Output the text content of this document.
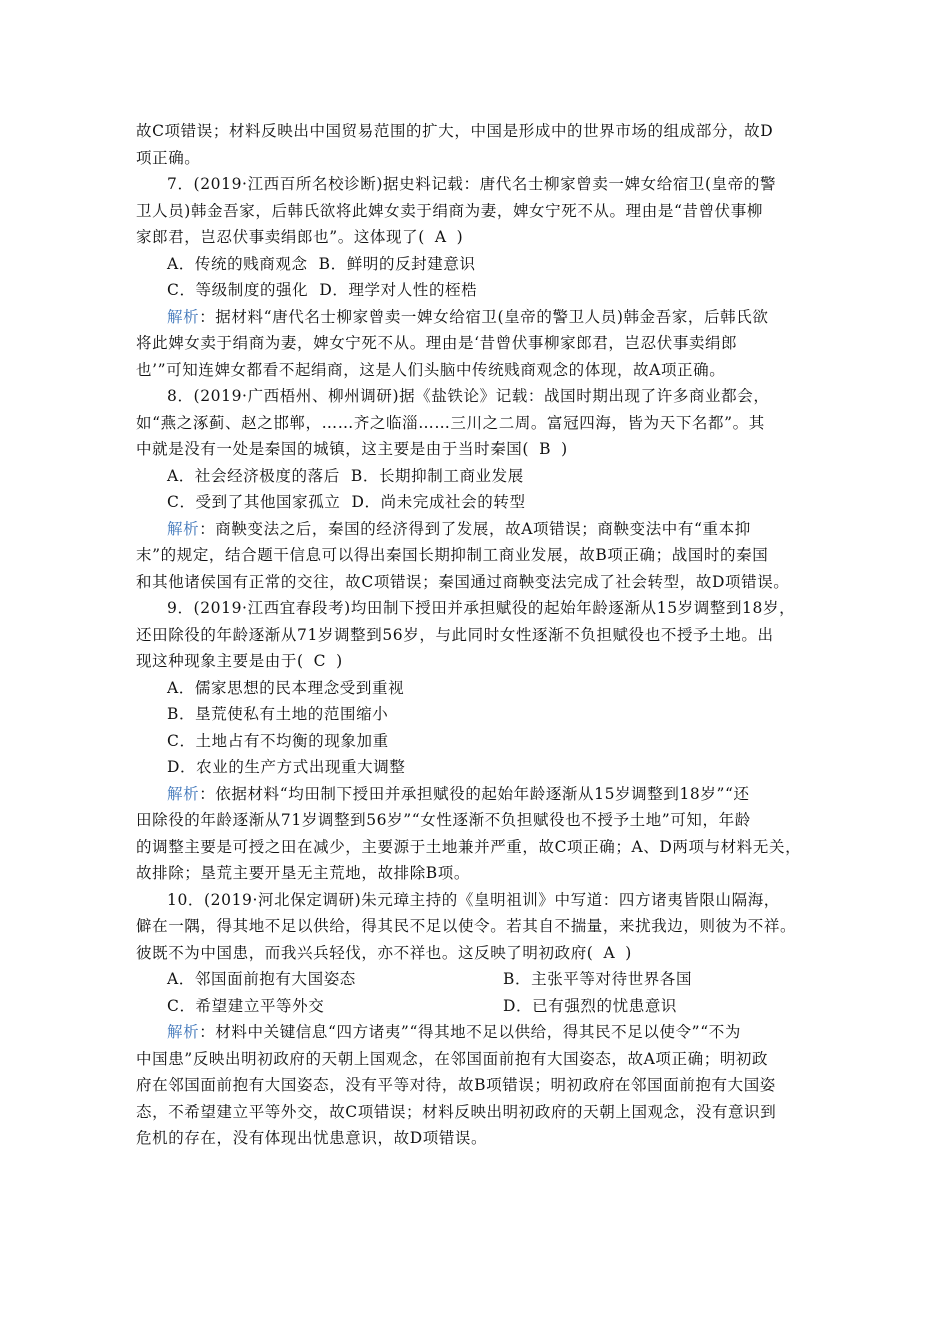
故C项错误；材料反映出中国贸易范围的扩大，中国是形成中的世界市场的组成部分，故D
项正确。
7．(2019·江西百所名校诊断)据史料记载：唐代名士柳家曾卖一婢女给宿卫(皇帝的警
卫人员)韩金吾家，后韩氏欲将此婢女卖于绢商为妻，婢女宁死不从。理由是“昔曾伏事柳
家郎君，岂忍伏事卖绢郎也”。这体现了( A )
A．传统的贱商观念 B．鲜明的反封建意识
C．等级制度的强化 D．理学对人性的桎梏
解析：据材料“唐代名士柳家曾卖一婢女给宿卫(皇帝的警卫人员)韩金吾家，后韩氏欲
将此婢女卖于绢商为妻，婢女宁死不从。理由是‘昔曾伏事柳家郎君，岂忍伏事卖绢郎
也’”可知连婢女都看不起绢商，这是人们头脑中传统贱商观念的体现，故A项正确。
8．(2019·广西梧州、柳州调研)据《盐铁论》记载：战国时期出现了许多商业都会，
如“燕之涿蓟、赵之邯郸，……齐之临淄……三川之二周。富冠四海，皆为天下名都”。其
中就是没有一处是秦国的城镇，这主要是由于当时秦国( B )
A．社会经济极度的落后 B．长期抑制工商业发展
C．受到了其他国家孤立 D．尚未完成社会的转型
解析：商鞅变法之后，秦国的经济得到了发展，故A项错误；商鞅变法中有“重本抑
末”的规定，结合题干信息可以得出秦国长期抑制工商业发展，故B项正确；战国时的秦国
和其他诸侯国有正常的交往，故C项错误；秦国通过商鞅变法完成了社会转型，故D项错误。
9．(2019·江西宜春段考)均田制下授田并承担赋役的起始年龄逐渐从15岁调整到18岁，
还田除役的年龄逐渐从71岁调整到56岁，与此同时女性逐渐不负担赋役也不授予土地。出
现这种现象主要是由于( C )
A．儒家思想的民本理念受到重视
B．垦荒使私有土地的范围缩小
C．土地占有不均衡的现象加重
D．农业的生产方式出现重大调整
解析：依据材料“均田制下授田并承担赋役的起始年龄逐渐从15岁调整到18岁”“还
田除役的年龄逐渐从71岁调整到56岁”“女性逐渐不负担赋役也不授予土地”可知，年龄
的调整主要是可授之田在减少，主要源于土地兼并严重，故C项正确；A、D两项与材料无关，
故排除；垦荒主要开垦无主荒地，故排除B项。
10．(2019·河北保定调研)朱元璋主持的《皇明祖训》中写道：四方诸夷皆限山隔海，
僻在一隅，得其地不足以供给，得其民不足以使令。若其自不揣量，来扰我边，则彼为不祥。
彼既不为中国患，而我兴兵轻伐，亦不祥也。这反映了明初政府( A )
A．邻国面前抱有大国姿态	B．主张平等对待世界各国
C．希望建立平等外交	D．已有强烈的忧患意识
解析：材料中关键信息“四方诸夷”“得其地不足以供给，得其民不足以使令”“不为
中国患”反映出明初政府的天朝上国观念，在邻国面前抱有大国姿态，故A项正确；明初政
府在邻国面前抱有大国姿态，没有平等对待，故B项错误；明初政府在邻国面前抱有大国姿
态，不希望建立平等外交，故C项错误；材料反映出明初政府的天朝上国观念，没有意识到
危机的存在，没有体现出忧患意识，故D项错误。
